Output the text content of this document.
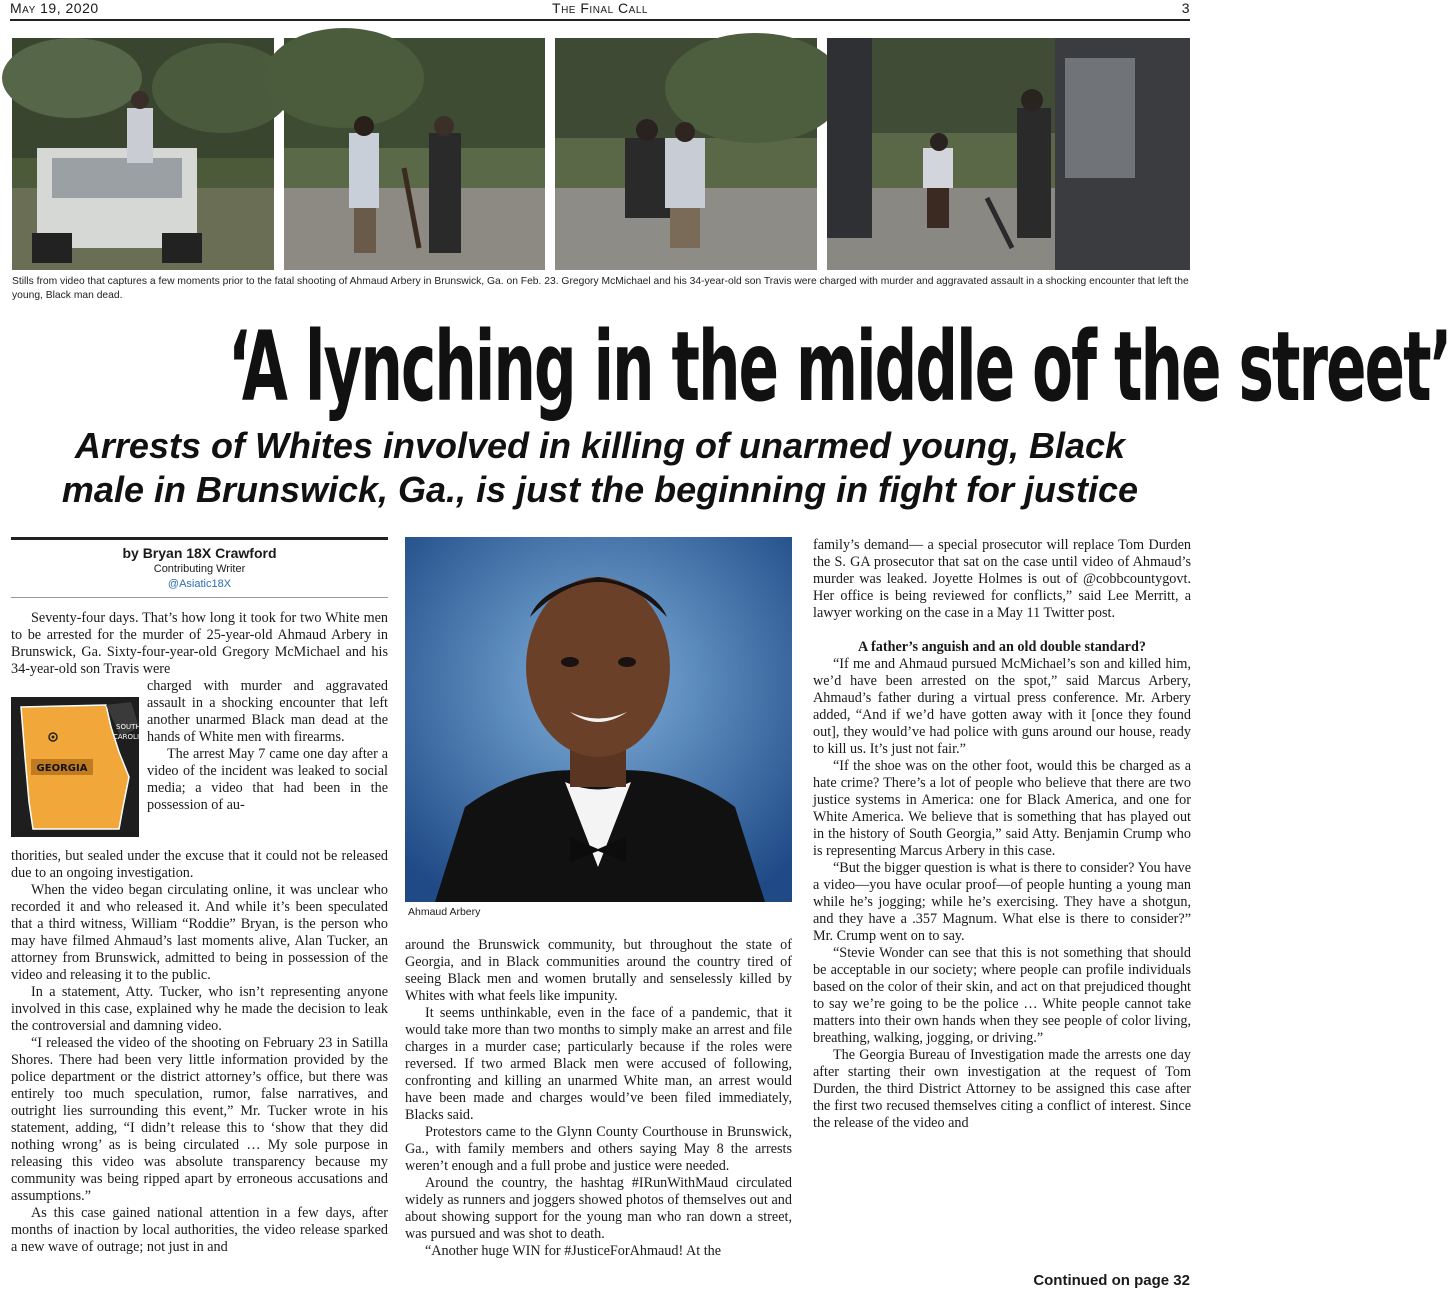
May 19, 2020	The Final Call	3
Stills from video that captures a few moments prior to the fatal shooting of Ahmaud Arbery in Brunswick, Ga. on Feb. 23. Gregory McMichael and his 34-year-old son Travis were charged with murder and aggravated assault in a shocking encounter that left the young, Black man dead.
‘A lynching in the middle of the street’
Arrests of Whites involved in killing of unarmed young, Black
male in Brunswick, Ga., is just the beginning in fight for justice
by Bryan 18X Crawford
Contributing Writer
@Asiatic18X

Seventy-four days. That’s how long it took for two White men to be arrested for the murder of 25-year-old Ahmaud Arbery in Brunswick, Ga. Sixty-four-year-old Gregory McMichael and his 34-year-old son Travis were

GEORGIA
SOUTH
CAROLI

charged with murder and aggravated assault in a shocking encounter that left another unarmed Black man dead at the hands of White men with firearms.

The arrest May 7 came one day after a video of the incident was leaked to social media; a video that had been in the possession of au-

thorities, but sealed under the excuse that it could not be released due to an ongoing investigation.

When the video began circulating online, it was unclear who recorded it and who released it. And while it’s been speculated that a third witness, William “Roddie” Bryan, is the person who may have filmed Ahmaud’s last moments alive, Alan Tucker, an attorney from Brunswick, admitted to being in possession of the video and releasing it to the public.

In a statement, Atty. Tucker, who isn’t representing anyone involved in this case, explained why he made the decision to leak the controversial and damning video.

“I released the video of the shooting on February 23 in Satilla Shores. There had been very little information provided by the police department or the district attorney’s office, but there was entirely too much speculation, rumor, false narratives, and outright lies surrounding this event,” Mr. Tucker wrote in his statement, adding, “I didn’t release this to ‘show that they did nothing wrong’ as is being circulated … My sole purpose in releasing this video was absolute transparency because my community was being ripped apart by erroneous accusations and assumptions.”

As this case gained national attention in a few days, after months of inaction by local authorities, the video release sparked a new wave of outrage; not just in and

Ahmaud Arbery

around the Brunswick community, but throughout the state of Georgia, and in Black communities around the country tired of seeing Black men and women brutally and senselessly killed by Whites with what feels like impunity.

It seems unthinkable, even in the face of a pandemic, that it would take more than two months to simply make an arrest and file charges in a murder case; particularly because if the roles were reversed. If two armed Black men were accused of following, confronting and killing an unarmed White man, an arrest would have been made and charges would’ve been filed immediately, Blacks said.

Protestors came to the Glynn County Courthouse in Brunswick, Ga., with family members and others saying May 8 the arrests weren’t enough and a full probe and justice were needed.

Around the country, the hashtag #IRunWithMaud circulated widely as runners and joggers showed photos of themselves out and about showing support for the young man who ran down a street, was pursued and was shot to death.

“Another huge WIN for #JusticeForAhmaud! At the

family’s demand— a special prosecutor will replace Tom Durden the S. GA prosecutor that sat on the case until video of Ahmaud’s murder was leaked. Joyette Holmes is out of @cobbcountygovt. Her office is being reviewed for conflicts,” said Lee Merritt, a lawyer working on the case in a May 11 Twitter post.

A father’s anguish and an old double standard?

“If me and Ahmaud pursued McMichael’s son and killed him, we’d have been arrested on the spot,” said Marcus Arbery, Ahmaud’s father during a virtual press conference. Mr. Arbery added, “And if we’d have gotten away with it [once they found out], they would’ve had police with guns around our house, ready to kill us. It’s just not fair.”

“If the shoe was on the other foot, would this be charged as a hate crime? There’s a lot of people who believe that there are two justice systems in America: one for Black America, and one for White America. We believe that is something that has played out in the history of South Georgia,” said Atty. Benjamin Crump who is representing Marcus Arbery in this case.

“But the bigger question is what is there to consider? You have a video—you have ocular proof—of people hunting a young man while he’s jogging; while he’s exercising. They have a shotgun, and they have a .357 Magnum. What else is there to consider?” Mr. Crump went on to say.

“Stevie Wonder can see that this is not something that should be acceptable in our society; where people can profile individuals based on the color of their skin, and act on that prejudiced thought to say we’re going to be the police … White people cannot take matters into their own hands when they see people of color living, breathing, walking, jogging, or driving.”

The Georgia Bureau of Investigation made the arrests one day after starting their own investigation at the request of Tom Durden, the third District Attorney to be assigned this case after the first two recused themselves citing a conflict of interest. Since the release of the video and

Continued on page 32
